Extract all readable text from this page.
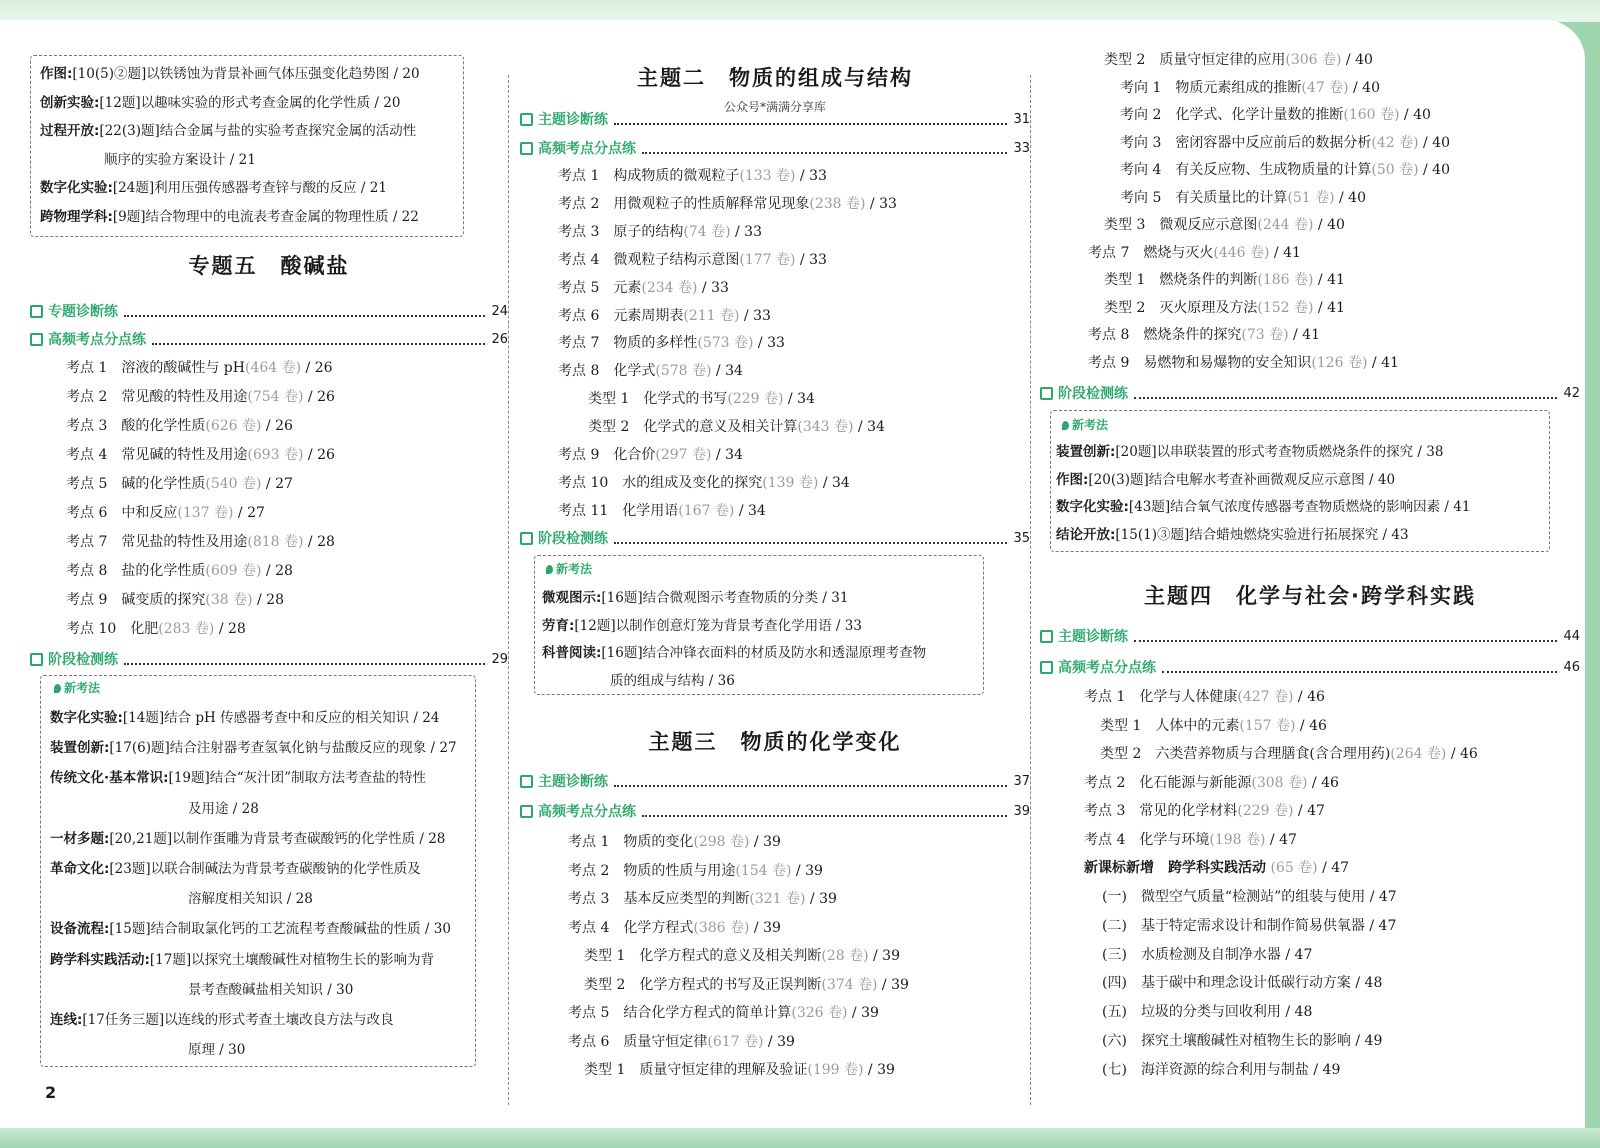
作图:[10(5)②题]以铁锈蚀为背景补画气体压强变化趋势图 / 20
创新实验:[12题]以趣味实验的形式考查金属的化学性质 / 20
过程开放:[22(3)题]结合金属与盐的实验考查探究金属的活动性
顺序的实验方案设计 / 21
数字化实验:[24题]利用压强传感器考查锌与酸的反应 / 21
跨物理学科:[9题]结合物理中的电流表考查金属的物理性质 / 22
专题五　酸碱盐
专题诊断练	24
高频考点分点练	26
考点 1　 溶液的酸碱性与 pH(464 卷) / 26
考点 2　 常见酸的特性及用途(754 卷) / 26
考点 3　 酸的化学性质(626 卷) / 26
考点 4　 常见碱的特性及用途(693 卷) / 26
考点 5　 碱的化学性质(540 卷) / 27
考点 6　 中和反应(137 卷) / 27
考点 7　 常见盐的特性及用途(818 卷) / 28
考点 8　 盐的化学性质(609 卷) / 28
考点 9　 碱变质的探究(38 卷) / 28
考点 10　 化肥(283 卷) / 28
阶段检测练	29
新考法
数字化实验:[14题]结合 pH 传感器考查中和反应的相关知识 / 24
装置创新:[17(6)题]结合注射器考查氢氧化钠与盐酸反应的现象 / 27
传统文化·基本常识:[19题]结合“灰汁团”制取方法考查盐的特性
及用途 / 28
一材多题:[20,21题]以制作蛋雕为背景考查碳酸钙的化学性质 / 28
革命文化:[23题]以联合制碱法为背景考查碳酸钠的化学性质及
溶解度相关知识 / 28
设备流程:[15题]结合制取氯化钙的工艺流程考查酸碱盐的性质 / 30
跨学科实践活动:[17题]以探究土壤酸碱性对植物生长的影响为背
景考查酸碱盐相关知识 / 30
连线:[17任务三题]以连线的形式考查土壤改良方法与改良
原理 / 30
主题二　物质的组成与结构
公众号*满满分享库
主题诊断练	31
高频考点分点练	33
考点 1　 构成物质的微观粒子(133 卷) / 33
考点 2　 用微观粒子的性质解释常见现象(238 卷) / 33
考点 3　 原子的结构(74 卷) / 33
考点 4　 微观粒子结构示意图(177 卷) / 33
考点 5　 元素(234 卷) / 33
考点 6　 元素周期表(211 卷) / 33
考点 7　 物质的多样性(573 卷) / 33
考点 8　 化学式(578 卷) / 34
类型 1　 化学式的书写(229 卷) / 34
类型 2　 化学式的意义及相关计算(343 卷) / 34
考点 9　 化合价(297 卷) / 34
考点 10　 水的组成及变化的探究(139 卷) / 34
考点 11　 化学用语(167 卷) / 34
阶段检测练	35
新考法
微观图示:[16题]结合微观图示考查物质的分类 / 31
劳育:[12题]以制作创意灯笼为背景考查化学用语 / 33
科普阅读:[16题]结合冲锋衣面料的材质及防水和透湿原理考查物
质的组成与结构 / 36
主题三　物质的化学变化
主题诊断练	37
高频考点分点练	39
考点 1　 物质的变化(298 卷) / 39
考点 2　 物质的性质与用途(154 卷) / 39
考点 3　 基本反应类型的判断(321 卷) / 39
考点 4　 化学方程式(386 卷) / 39
类型 1　 化学方程式的意义及相关判断(28 卷) / 39
类型 2　 化学方程式的书写及正误判断(374 卷) / 39
考点 5　 结合化学方程式的简单计算(326 卷) / 39
考点 6　 质量守恒定律(617 卷) / 39
类型 1　 质量守恒定律的理解及验证(199 卷) / 39
类型 2　 质量守恒定律的应用(306 卷) / 40
考向 1　 物质元素组成的推断(47 卷) / 40
考向 2　 化学式、化学计量数的推断(160 卷) / 40
考向 3　 密闭容器中反应前后的数据分析(42 卷) / 40
考向 4　 有关反应物、生成物质量的计算(50 卷) / 40
考向 5　 有关质量比的计算(51 卷) / 40
类型 3　 微观反应示意图(244 卷) / 40
考点 7　 燃烧与灭火(446 卷) / 41
类型 1　 燃烧条件的判断(186 卷) / 41
类型 2　 灭火原理及方法(152 卷) / 41
考点 8　 燃烧条件的探究(73 卷) / 41
考点 9　 易燃物和易爆物的安全知识(126 卷) / 41
阶段检测练	42
新考法
装置创新:[20题]以串联装置的形式考查物质燃烧条件的探究 / 38
作图:[20(3)题]结合电解水考查补画微观反应示意图 / 40
数字化实验:[43题]结合氧气浓度传感器考查物质燃烧的影响因素 / 41
结论开放:[15(1)③题]结合蜡烛燃烧实验进行拓展探究 / 43
主题四　化学与社会·跨学科实践
主题诊断练	44
高频考点分点练	46
考点 1　 化学与人体健康(427 卷) / 46
类型 1　 人体中的元素(157 卷) / 46
类型 2　 六类营养物质与合理膳食(含合理用药)(264 卷) / 46
考点 2　 化石能源与新能源(308 卷) / 46
考点 3　 常见的化学材料(229 卷) / 47
考点 4　 化学与环境(198 卷) / 47
新课标新增　跨学科实践活动 (65 卷) / 47
(一)　 微型空气质量“检测站”的组装与使用 / 47
(二)　 基于特定需求设计和制作简易供氧器 / 47
(三)　 水质检测及自制净水器 / 47
(四)　 基于碳中和理念设计低碳行动方案 / 48
(五)　 垃圾的分类与回收利用 / 48
(六)　 探究土壤酸碱性对植物生长的影响 / 49
(七)　 海洋资源的综合利用与制盐 / 49
2
